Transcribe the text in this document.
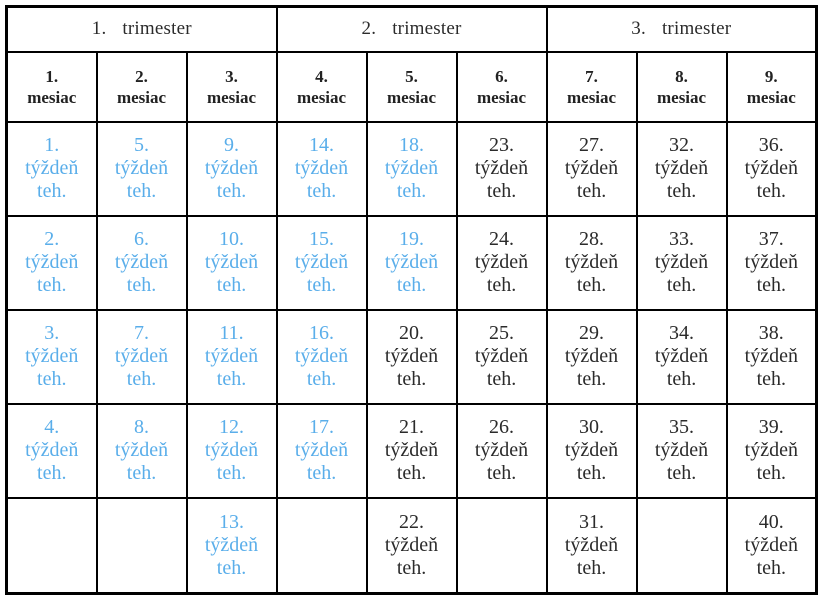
1. trimester			2. trimester			3. trimester		

1.
mesiac	2.
mesiac	3.
mesiac	4.
mesiac	5.
mesiac	6.
mesiac	7.
mesiac	8.
mesiac	9.
mesiac

1.
týždeň
teh.	5.
týždeň
teh.	9.
týždeň
teh.	14.
týždeň
teh.	18.
týždeň
teh.	23.
týždeň
teh.	27.
týždeň
teh.	32.
týždeň
teh.	36.
týždeň
teh.

2.
týždeň
teh.	6.
týždeň
teh.	10.
týždeň
teh.	15.
týždeň
teh.	19.
týždeň
teh.	24.
týždeň
teh.	28.
týždeň
teh.	33.
týždeň
teh.	37.
týždeň
teh.

3.
týždeň
teh.	7.
týždeň
teh.	11.
týždeň
teh.	16.
týždeň
teh.	20.
týždeň
teh.	25.
týždeň
teh.	29.
týždeň
teh.	34.
týždeň
teh.	38.
týždeň
teh.

4.
týždeň
teh.	8.
týždeň
teh.	12.
týždeň
teh.	17.
týždeň
teh.	21.
týždeň
teh.	26.
týždeň
teh.	30.
týždeň
teh.	35.
týždeň
teh.	39.
týždeň
teh.

		13.
týždeň
teh.		22.
týždeň
teh.		31.
týždeň
teh.		40.
týždeň
teh.
